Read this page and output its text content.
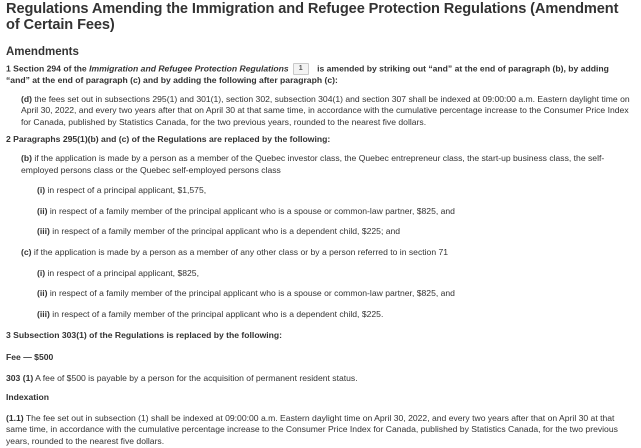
Regulations Amending the Immigration and Refugee Protection Regulations (Amendment of Certain Fees)
Amendments

1 Section 294 of the Immigration and Refugee Protection Regulations 1 is amended by striking out “and” at the end of paragraph (b), by adding “and” at the end of paragraph (c) and by adding the following after paragraph (c):

(d) the fees set out in subsections 295(1) and 301(1), section 302, subsection 304(1) and section 307 shall be indexed at 09:00:00 a.m. Eastern daylight time on April 30, 2022, and every two years after that on April 30 at that same time, in accordance with the cumulative percentage increase to the Consumer Price Index for Canada, published by Statistics Canada, for the two previous years, rounded to the nearest five dollars.

2 Paragraphs 295(1)(b) and (c) of the Regulations are replaced by the following:

(b) if the application is made by a person as a member of the Quebec investor class, the Quebec entrepreneur class, the start-up business class, the self-employed persons class or the Quebec self-employed persons class

(i) in respect of a principal applicant, $1,575,

(ii) in respect of a family member of the principal applicant who is a spouse or common-law partner, $825, and

(iii) in respect of a family member of the principal applicant who is a dependent child, $225; and

(c) if the application is made by a person as a member of any other class or by a person referred to in section 71

(i) in respect of a principal applicant, $825,

(ii) in respect of a family member of the principal applicant who is a spouse or common-law partner, $825, and

(iii) in respect of a family member of the principal applicant who is a dependent child, $225.

3 Subsection 303(1) of the Regulations is replaced by the following:

Fee — $500

303 (1) A fee of $500 is payable by a person for the acquisition of permanent resident status.

Indexation

(1.1) The fee set out in subsection (1) shall be indexed at 09:00:00 a.m. Eastern daylight time on April 30, 2022, and every two years after that on April 30 at that same time, in accordance with the cumulative percentage increase to the Consumer Price Index for Canada, published by Statistics Canada, for the two previous years, rounded to the nearest five dollars.
